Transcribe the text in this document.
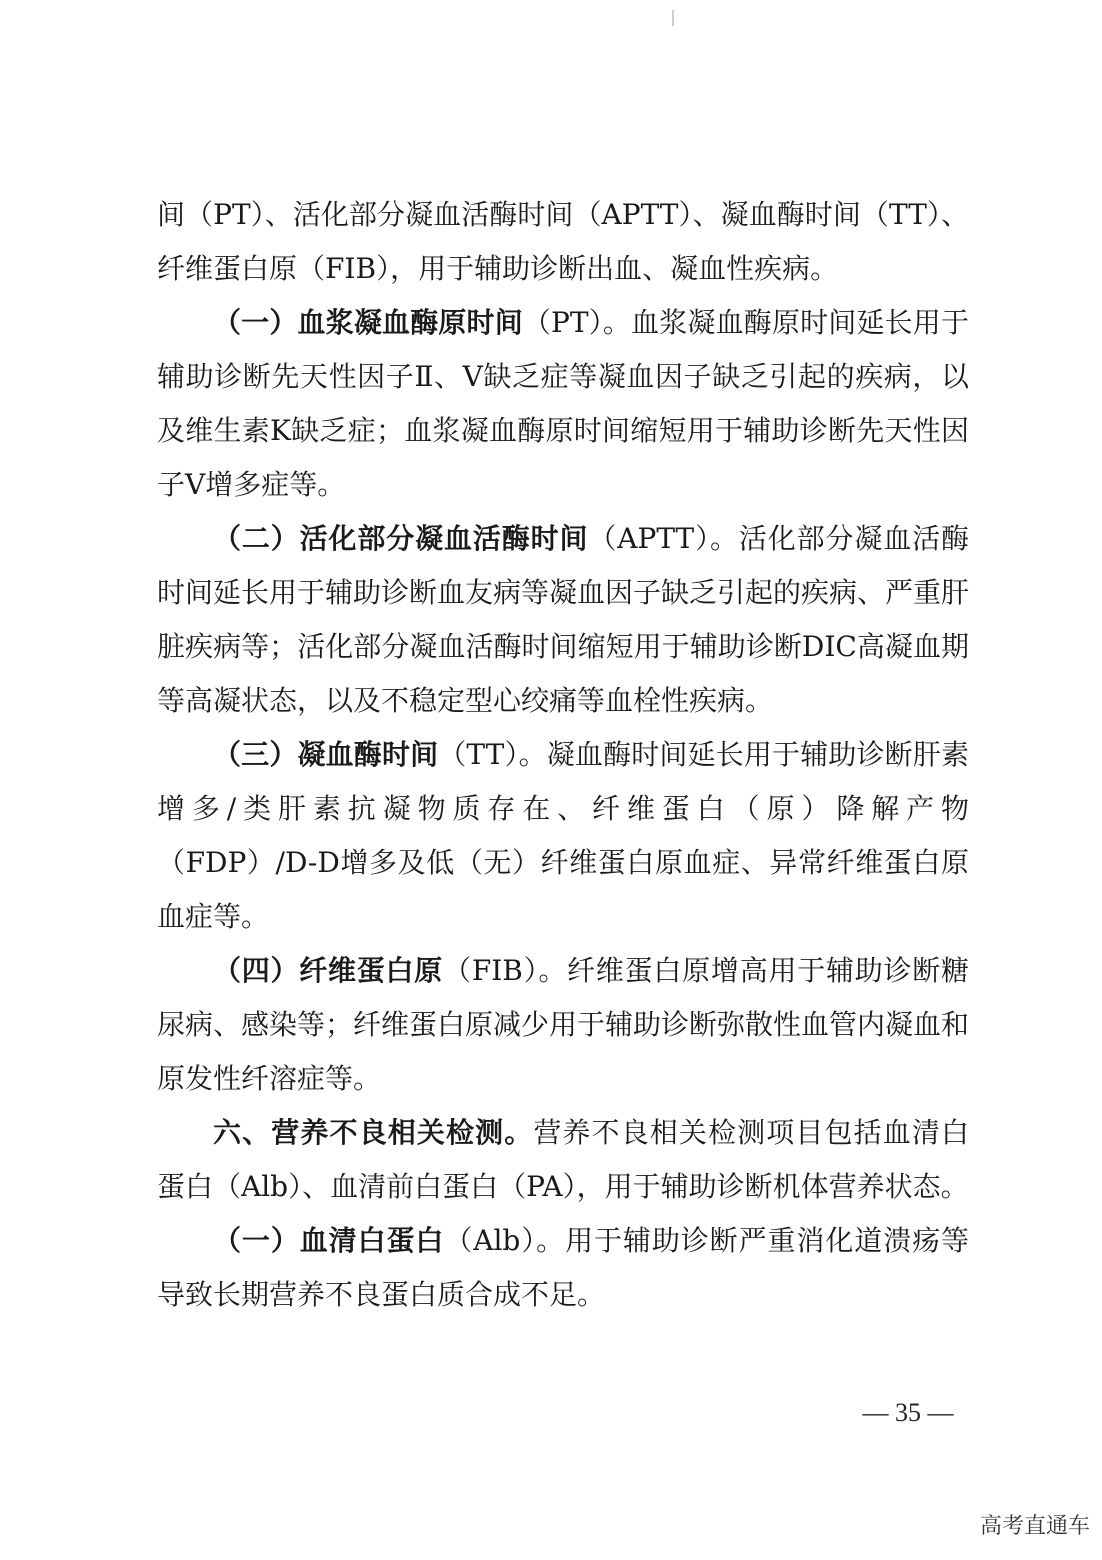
间（PT）、活化部分凝血活酶时间（APTT）、凝血酶时间（TT）、纤维蛋白原（FIB），用于辅助诊断出血、凝血性疾病。

（一）血浆凝血酶原时间（PT）。血浆凝血酶原时间延长用于辅助诊断先天性因子Ⅱ、Ⅴ缺乏症等凝血因子缺乏引起的疾病，以及维生素K缺乏症；血浆凝血酶原时间缩短用于辅助诊断先天性因子Ⅴ增多症等。

（二）活化部分凝血活酶时间（APTT）。活化部分凝血活酶时间延长用于辅助诊断血友病等凝血因子缺乏引起的疾病、严重肝脏疾病等；活化部分凝血活酶时间缩短用于辅助诊断DIC高凝血期等高凝状态，以及不稳定型心绞痛等血栓性疾病。

（三）凝血酶时间（TT）。凝血酶时间延长用于辅助诊断肝素增多/类肝素抗凝物质存在、纤维蛋白（原）降解产物（FDP）/D-D增多及低（无）纤维蛋白原血症、异常纤维蛋白原血症等。

（四）纤维蛋白原（FIB）。纤维蛋白原增高用于辅助诊断糖尿病、感染等；纤维蛋白原减少用于辅助诊断弥散性血管内凝血和原发性纤溶症等。

六、营养不良相关检测。营养不良相关检测项目包括血清白蛋白（Alb）、血清前白蛋白（PA），用于辅助诊断机体营养状态。

（一）血清白蛋白（Alb）。用于辅助诊断严重消化道溃疡等导致长期营养不良蛋白质合成不足。

— 35 —
高考直通车
